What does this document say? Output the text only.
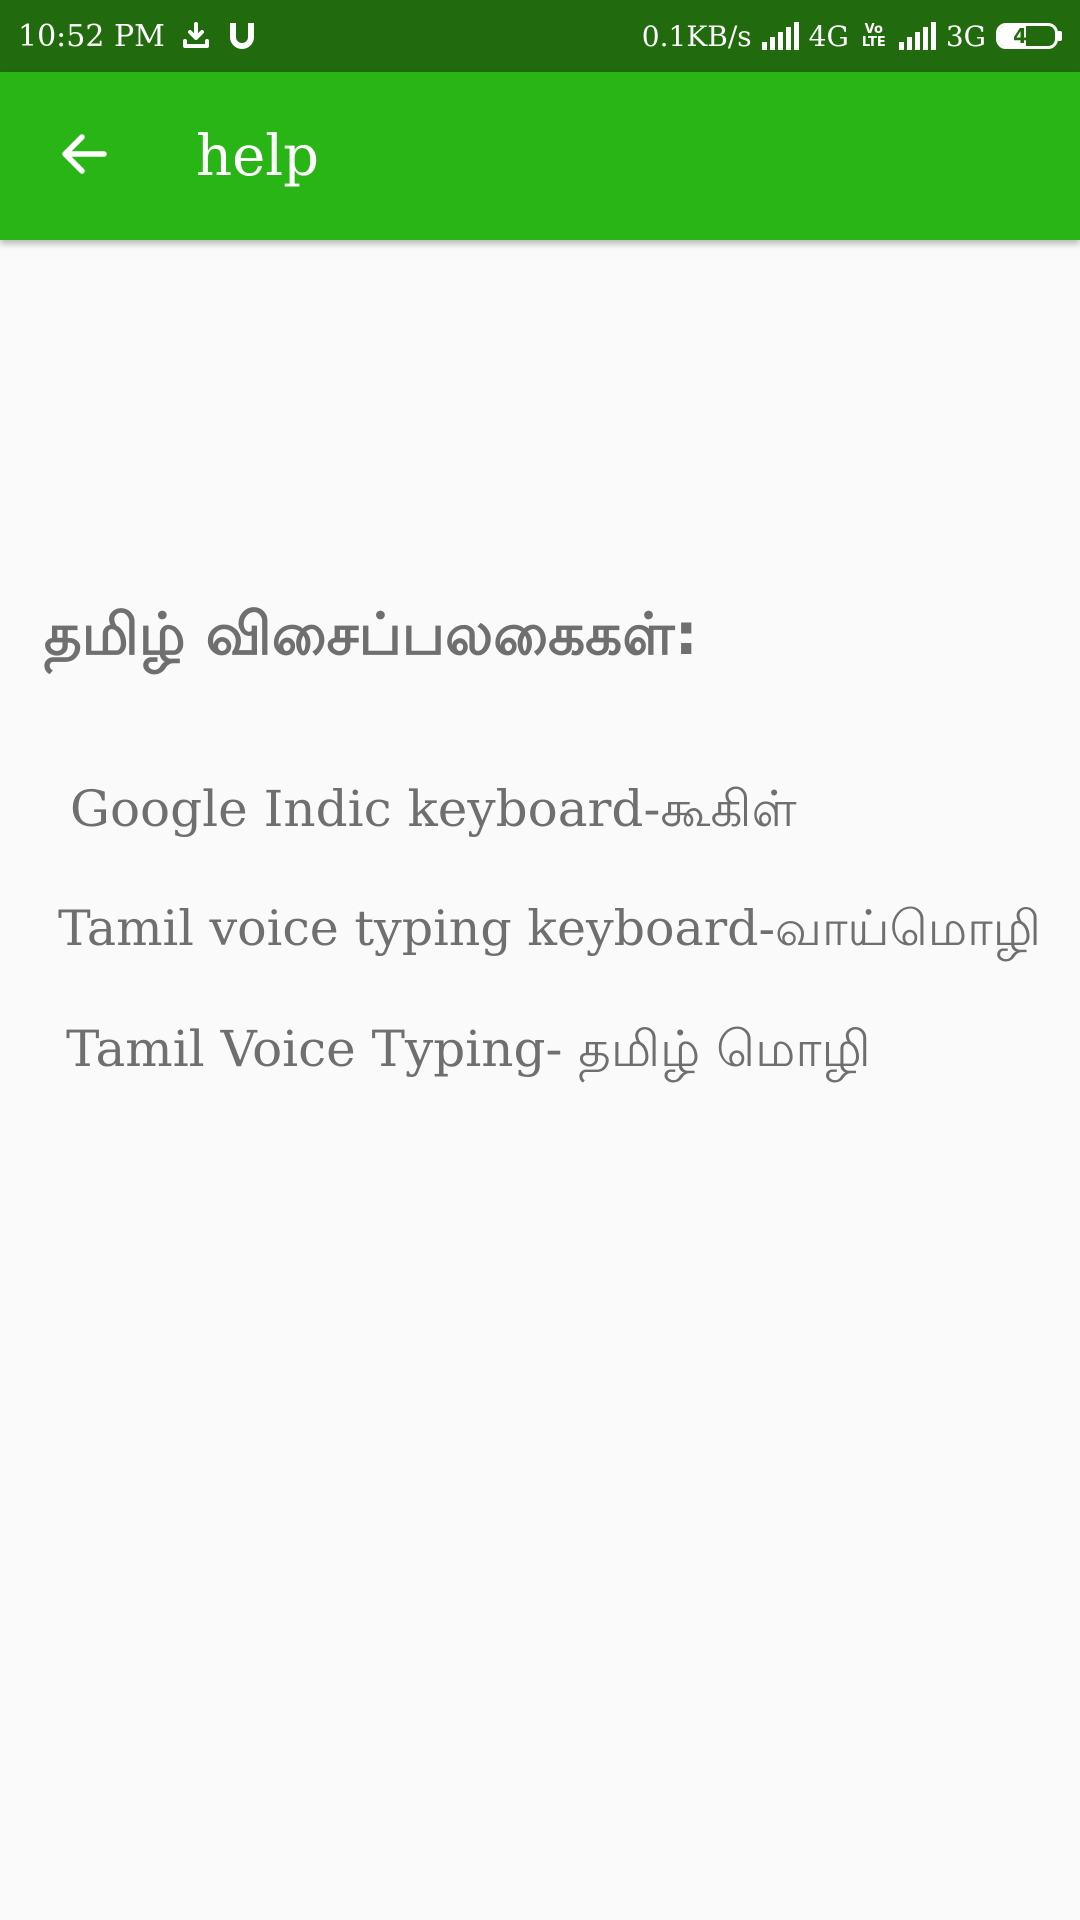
10:52 PM	0.1KB/s 4G	Vo LTE 3G 49
help
தமிழ் விசைப்பலகைகள்:
Google Indic keyboard-கூகிள்
Tamil voice typing keyboard-வாய்மொழி
Tamil Voice Typing- தமிழ் மொழி
